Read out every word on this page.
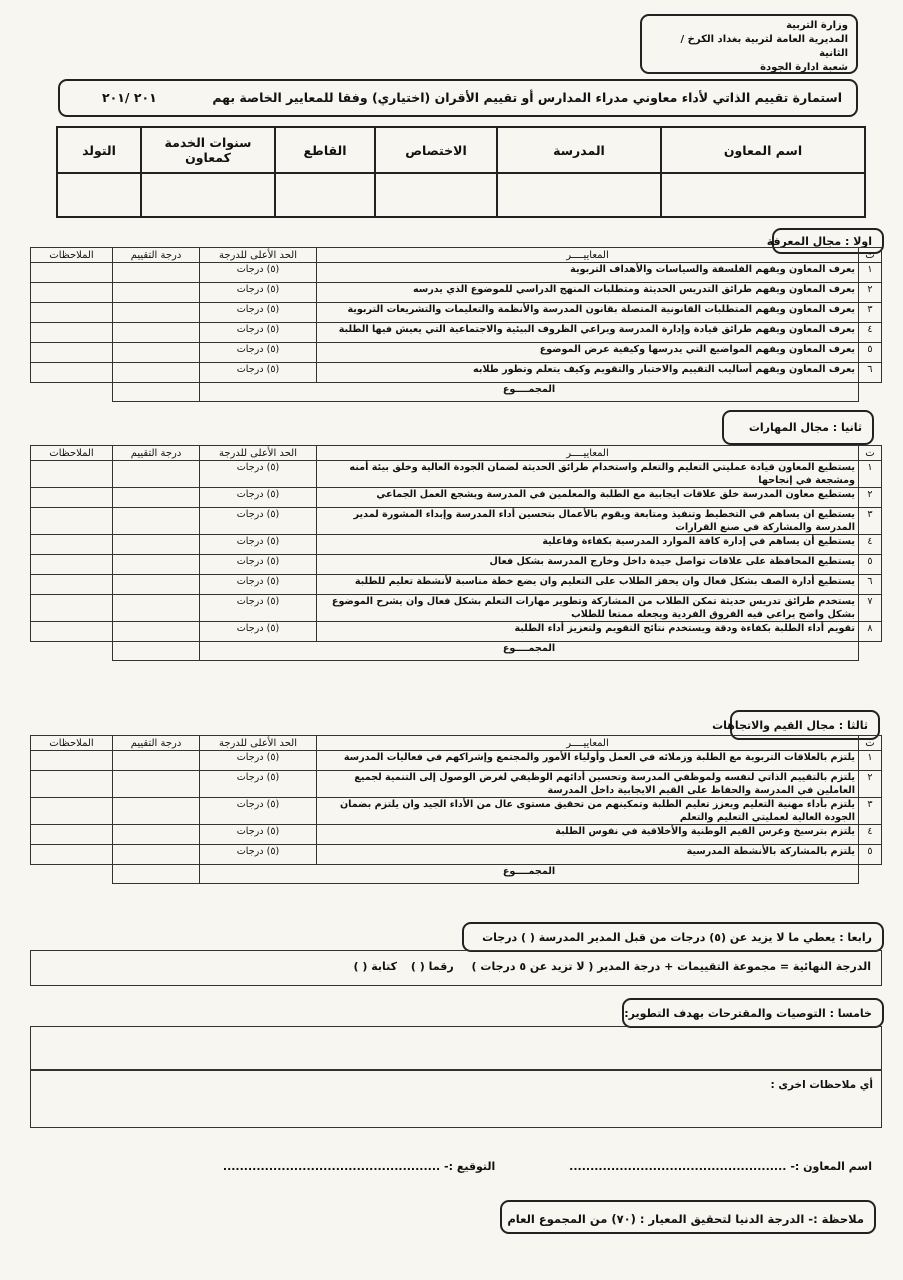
وزارة التربية
المديرية العامة لتربية بغداد الكرخ / الثانية
شعبة ادارة الجودة
استمارة تقييم الذاتي لأداء معاوني مدراء المدارس أو تقييم الأقران (اختياري) وفقا للمعايير الخاصة بهم
٢٠١ /٢٠١
اسم المعاون	المدرسة	الاختصاص	القاطع	سنوات الخدمة كمعاون	التولد

اولا : مجال المعرفة
ت	المعاييــــر	الحد الأعلى للدرجة	درجة التقييم	الملاحظات
١	يعرف المعاون ويفهم الفلسفة والسياسات والأهداف التربوية	(٥) درجات		
٢	يعرف المعاون ويفهم طرائق التدريس الحديثة ومتطلبات المنهج الدراسي للموضوع الذي يدرسه	(٥) درجات		
٣	يعرف المعاون ويفهم المتطلبات القانونية المتصلة بقانون المدرسة والأنظمة والتعليمات والتشريعات التربوية	(٥) درجات		
٤	يعرف المعاون ويفهم طرائق قيادة وإدارة المدرسة ويراعي الظروف البيئية والاجتماعية التي يعيش فيها الطلبة	(٥) درجات		
٥	يعرف المعاون ويفهم المواضيع التي يدرسها وكيفية عرض الموضوع	(٥) درجات		
٦	يعرف المعاون ويفهم أساليب التقييم والاختبار والتقويم وكيف يتعلم وتطور طلابه	(٥) درجات		
	المجمــــوع			
ثانيا : مجال المهارات
ت	المعاييــــر	الحد الأعلى للدرجة	درجة التقييم	الملاحظات
١	يستطيع المعاون قيادة عمليتي التعليم والتعلم واستخدام طرائق الحديثة لضمان الجودة العالية وخلق بيئة أمنه ومشجعة في إنجاحها	(٥) درجات		
٢	يستطيع معاون المدرسة خلق علاقات ايجابية مع الطلبة والمعلمين في المدرسة ويشجع العمل الجماعي	(٥) درجات		
٣	يستطيع ان يساهم في التخطيط وتنفيذ ومتابعة ويقوم بالأعمال بتحسين أداء المدرسة وإبداء المشورة لمدير المدرسة والمشاركة في صنع القرارات	(٥) درجات		
٤	يستطيع أن يساهم في إدارة كافة الموارد المدرسية بكفاءة وفاعلية	(٥) درجات		
٥	يستطيع المحافظة على علاقات تواصل جيدة داخل وخارج المدرسة بشكل فعال	(٥) درجات		
٦	يستطيع أدارة الصف بشكل فعال وان يحفز الطلاب على التعليم وان يضع خطة مناسبة لأنشطة تعليم للطلبة	(٥) درجات		
٧	يستخدم طرائق تدريس حديثة تمكن الطلاب من المشاركة وتطوير مهارات التعلم بشكل فعال وان يشرح الموضوع بشكل واضح يراعي فيه الفروق الفردية ويجعله ممتعا للطلاب	(٥) درجات		
٨	تقويم أداء الطلبة بكفاءة ودقة ويستخدم نتائج التقويم ولتعزيز أداء الطلبة	(٥) درجات		
	المجمــــوع			
ثالثا : مجال القيم والاتجاهات
ت	المعاييــــر	الحد الأعلى للدرجة	درجة التقييم	الملاحظات
١	يلتزم بالعلاقات التربوية مع الطلبة وزملائه في العمل وأولياء الأمور والمجتمع وإشراكهم في فعاليات المدرسة	(٥) درجات		
٢	يلتزم بالتقييم الذاتي لنفسه ولموظفي المدرسة وتحسين أدائهم الوظيفي لغرض الوصول إلى التنمية لجميع العاملين في المدرسة والحفاظ على القيم الايجابية داخل المدرسة	(٥) درجات		
٣	يلتزم بأداء مهنية التعليم ويعزز تعليم الطلبة وتمكينهم من تحقيق مستوى عال من الأداء الجيد وان يلتزم بضمان الجودة العالية لعمليتي التعليم والتعلم	(٥) درجات		
٤	يلتزم بترسيخ وغرس القيم الوطنية والأخلاقية في نفوس الطلبة	(٥) درجات		
٥	يلتزم بالمشاركة بالأنشطة المدرسية	(٥) درجات		
	المجمــــوع			
رابعا : يعطي ما لا يزيد عن (٥) درجات من قبل المدير المدرسة ( ) درجات
الدرجة النهائية = مجموعة التقييمات + درجة المدير ( لا تزيد عن ٥ درجات ) رقما ( ) كتابة ( )
خامسا : التوصيات والمقترحات بهدف التطوير:
أي ملاحظات اخرى :
اسم المعاون :- .................................................... التوقيع :- ....................................................
ملاحظة :- الدرجة الدنيا لتحقيق المعيار : (٧٠) من المجموع العام
